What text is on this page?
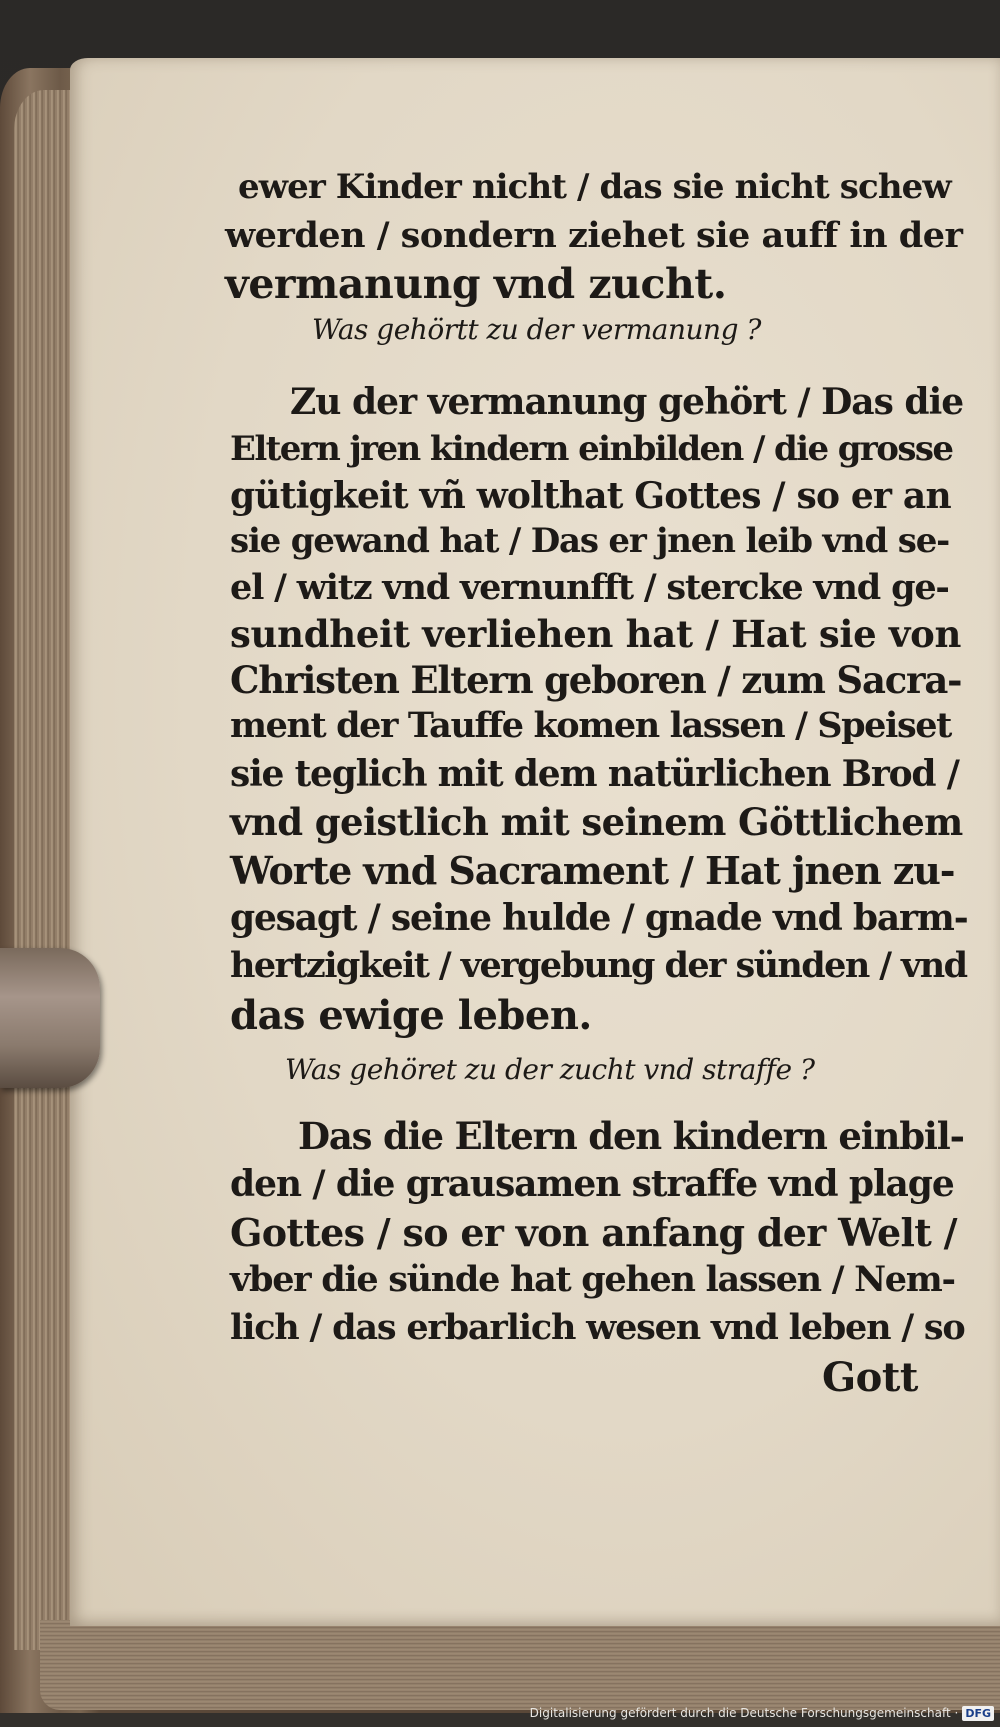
ewer Kinder nicht / das sie nicht schew
werden / sondern ziehet sie auff in der
vermanung vnd zucht.
Was gehörtt zu der vermanung ?
Zu der vermanung gehört / Das die
Eltern jren kindern einbilden / die grosse
gütigkeit vñ wolthat Gottes / so er an
sie gewand hat / Das er jnen leib vnd se-
el / witz vnd vernunfft / stercke vnd ge-
sundheit verliehen hat / Hat sie von
Christen Eltern geboren / zum Sacra-
ment der Tauffe komen lassen / Speiset
sie teglich mit dem natürlichen Brod /
vnd geistlich mit seinem Göttlichem
Worte vnd Sacrament / Hat jnen zu-
gesagt / seine hulde / gnade vnd barm-
hertzigkeit / vergebung der sünden / vnd
das ewige leben.
Was gehöret zu der zucht vnd straffe ?
Das die Eltern den kindern einbil-
den / die grausamen straffe vnd plage
Gottes / so er von anfang der Welt /
vber die sünde hat gehen lassen / Nem-
lich / das erbarlich wesen vnd leben / so
Gott
Digitalisierung gefördert durch die Deutsche Forschungsgemeinschaft · DFG
